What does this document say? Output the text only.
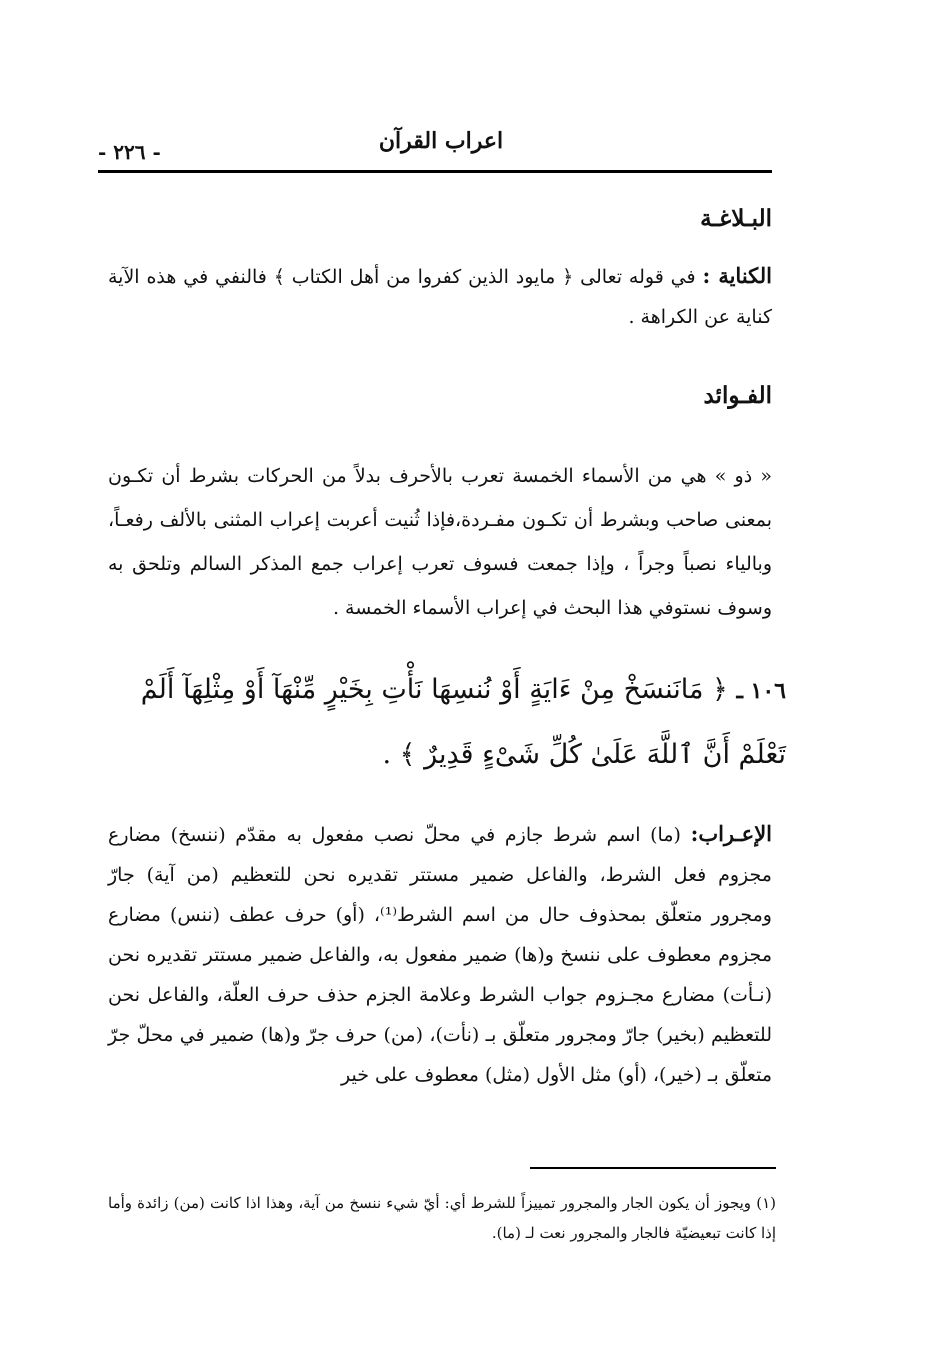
اعراب القرآن
- ٢٢٦ -
البـلاغـة
الكناية : في قوله تعالى ﴿ مايود الذين كفروا من أهل الكتاب ﴾ فالنفي في هذه الآية كناية عن الكراهة .
الفـوائد
« ذو » هي من الأسماء الخمسة تعرب بالأحرف بدلاً من الحركات بشرط أن تكـون بمعنى صاحب وبشرط أن تكـون مفـردة،فإذا ثُنيت أعربت إعراب المثنى بالألف رفعـاً، وبالياء نصباً وجراً ، وإذا جمعت فسوف تعرب إعراب جمع المذكر السالم وتلحق به وسوف نستوفي هذا البحث في إعراب الأسماء الخمسة .
١٠٦ ـ ﴿ مَانَنسَخْ مِنْ ءَايَةٍ أَوْ نُنسِهَا نَأْتِ بِخَيْرٍ مِّنْهَآ أَوْ مِثْلِهَآ أَلَمْ تَعْلَمْ أَنَّ ٱللَّهَ عَلَىٰ كُلِّ شَىْءٍ قَدِيرٌ ﴾ .
الإعـراب: (ما) اسم شرط جازم في محلّ نصب مفعول به مقدّم (ننسخ) مضارع مجزوم فعل الشرط، والفاعل ضمير مستتر تقديره نحن للتعظيم (من آية) جارّ ومجرور متعلّق بمحذوف حال من اسم الشرط⁽¹⁾، (أو) حرف عطف (ننس) مضارع مجزوم معطوف على ننسخ و(ها) ضمير مفعول به، والفاعل ضمير مستتر تقديره نحن (نـأت) مضارع مجـزوم جواب الشرط وعلامة الجزم حذف حرف العلّة، والفاعل نحن للتعظيم (بخير) جارّ ومجرور متعلّق بـ (نأت)، (من) حرف جرّ و(ها) ضمير في محلّ جرّ متعلّق بـ (خير)، (أو) مثل الأول (مثل) معطوف على خير
(١) ويجوز أن يكون الجار والمجرور تمييزاً للشرط أي: أيّ شيء ننسخ من آية، وهذا اذا كانت (من) زائدة وأما إذا كانت تبعيضيّة فالجار والمجرور نعت لـ (ما).
